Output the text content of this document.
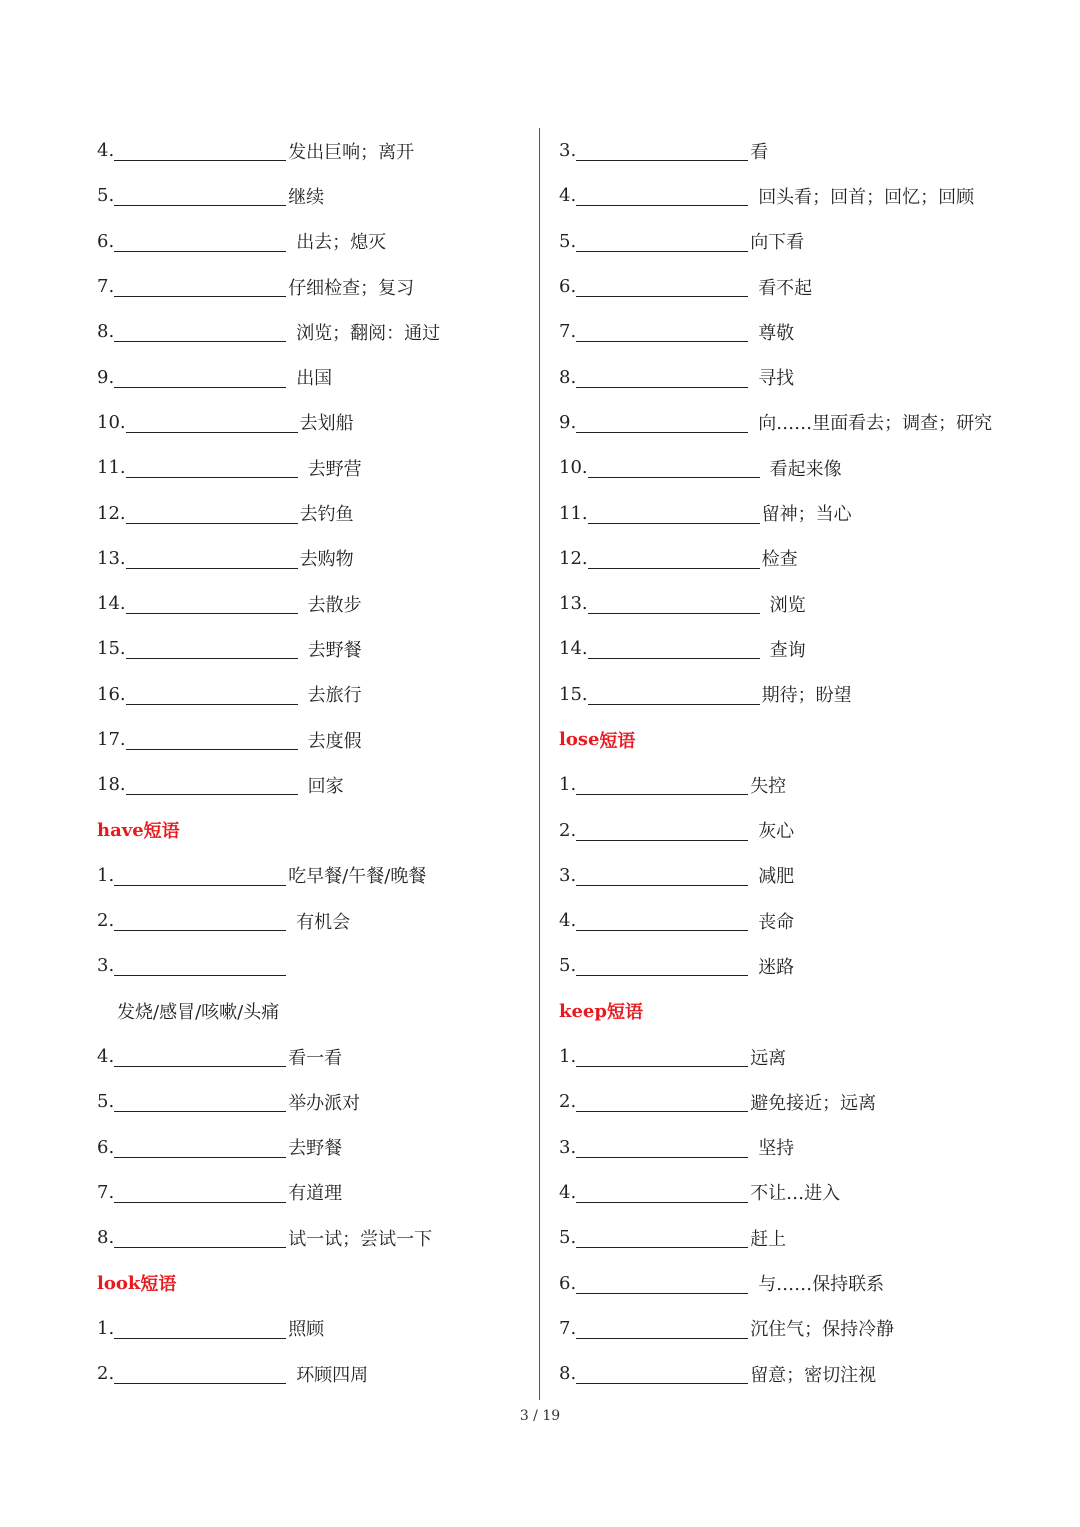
4.	发出巨响；离开
5.	继续
6.	出去；熄灭
7.	仔细检查；复习
8.	浏览；翻阅：通过
9.	出国
10.	去划船
11.	去野营
12.	去钓鱼
13.	去购物
14.	去散步
15.	去野餐
16.	去旅行
17.	去度假
18.	回家
have 短语
1.	吃早餐/午餐/晚餐
2.	有机会
3.
发烧/感冒/咳嗽/头痛
4.	看一看
5.	举办派对
6.	去野餐
7.	有道理
8.	试一试；尝试一下
look 短语
1.	照顾
2.	环顾四周
3.	看
4.	回头看；回首；回忆；回顾
5.	向下看
6.	看不起
7.	尊敬
8.	寻找
9.	向……里面看去；调查；研究
10.	看起来像
11.	留神；当心
12.	检查
13.	浏览
14.	查询
15.	期待；盼望
lose 短语
1.	失控
2.	灰心
3.	减肥
4.	丧命
5.	迷路
keep 短语
1.	远离
2.	避免接近；远离
3.	坚持
4.	不让…进入
5.	赶上
6.	与……保持联系
7.	沉住气；保持冷静
8.	留意；密切注视
3 / 19
